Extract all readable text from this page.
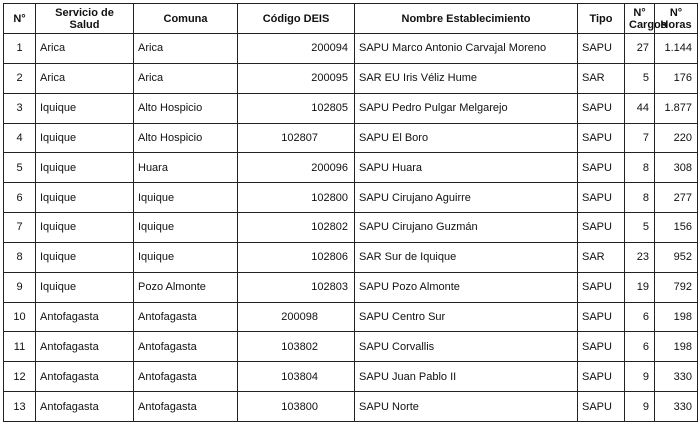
N°	Servicio de Salud	Comuna	Código DEIS	Nombre Establecimiento	Tipo	N° Cargos	N° Horas
1	Arica	Arica	200094	SAPU Marco Antonio Carvajal Moreno	SAPU	27	1.144
2	Arica	Arica	200095	SAR EU Iris Véliz Hume	SAR	5	176
3	Iquique	Alto Hospicio	102805	SAPU Pedro Pulgar Melgarejo	SAPU	44	1.877
4	Iquique	Alto Hospicio	102807	SAPU El Boro	SAPU	7	220
5	Iquique	Huara	200096	SAPU Huara	SAPU	8	308
6	Iquique	Iquique	102800	SAPU Cirujano Aguirre	SAPU	8	277
7	Iquique	Iquique	102802	SAPU Cirujano Guzmán	SAPU	5	156
8	Iquique	Iquique	102806	SAR Sur de Iquique	SAR	23	952
9	Iquique	Pozo Almonte	102803	SAPU Pozo Almonte	SAPU	19	792
10	Antofagasta	Antofagasta	200098	SAPU Centro Sur	SAPU	6	198
11	Antofagasta	Antofagasta	103802	SAPU Corvallis	SAPU	6	198
12	Antofagasta	Antofagasta	103804	SAPU Juan Pablo II	SAPU	9	330
13	Antofagasta	Antofagasta	103800	SAPU Norte	SAPU	9	330
